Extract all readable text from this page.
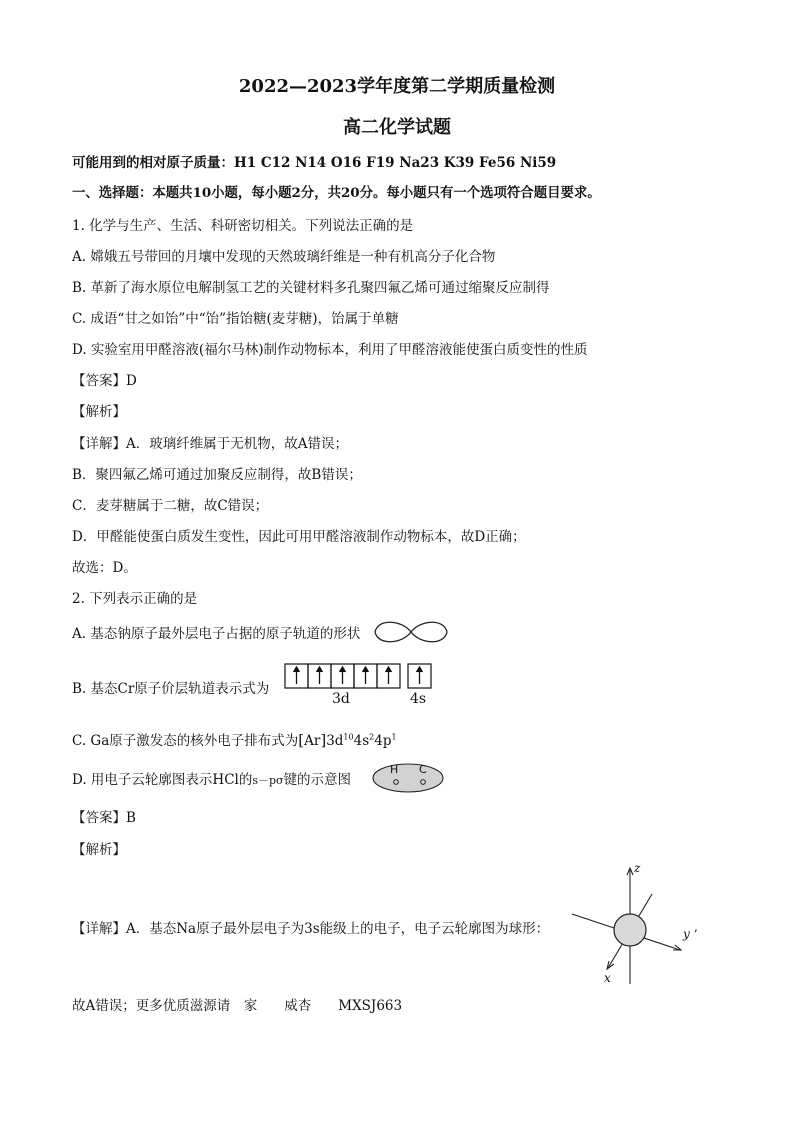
2022—2023学年度第二学期质量检测
高二化学试题
可能用到的相对原子质量：H1 C12 N14 O16 F19 Na23 K39 Fe56 Ni59
一、选择题：本题共10小题，每小题2分，共20分。每小题只有一个选项符合题目要求。
1. 化学与生产、生活、科研密切相关。下列说法正确的是
A. 嫦娥五号带回的月壤中发现的天然玻璃纤维是一种有机高分子化合物
B. 革新了海水原位电解制氢工艺的关键材料多孔聚四氟乙烯可通过缩聚反应制得
C. 成语“甘之如饴”中“饴”指饴糖(麦芽糖)，饴属于单糖
D. 实验室用甲醛溶液(福尔马林)制作动物标本，利用了甲醛溶液能使蛋白质变性的性质
【答案】D
【解析】
【详解】A．玻璃纤维属于无机物，故A错误；
B．聚四氟乙烯可通过加聚反应制得，故B错误；
C．麦芽糖属于二糖，故C错误；
D．甲醛能使蛋白质发生变性，因此可用甲醛溶液制作动物标本，故D正确；
故选：D。
2. 下列表示正确的是
A. 基态钠原子最外层电子占据的原子轨道的形状
B. 基态Cr原子价层轨道表示式为
3d	4s
C. Ga原子激发态的核外电子排布式为$[Ar]3d^{10}4s^24p^1$
D. 用电子云轮廓图表示HCl的s－pσ键的示意图
H C
【答案】B
【解析】
【详解】A．基态Na原子最外层电子为3s能级上的电子，电子云轮廓图为球形：
z
y ,
x
故A错误；更多优质滋源请　家　　威杏　　MXSJ663
